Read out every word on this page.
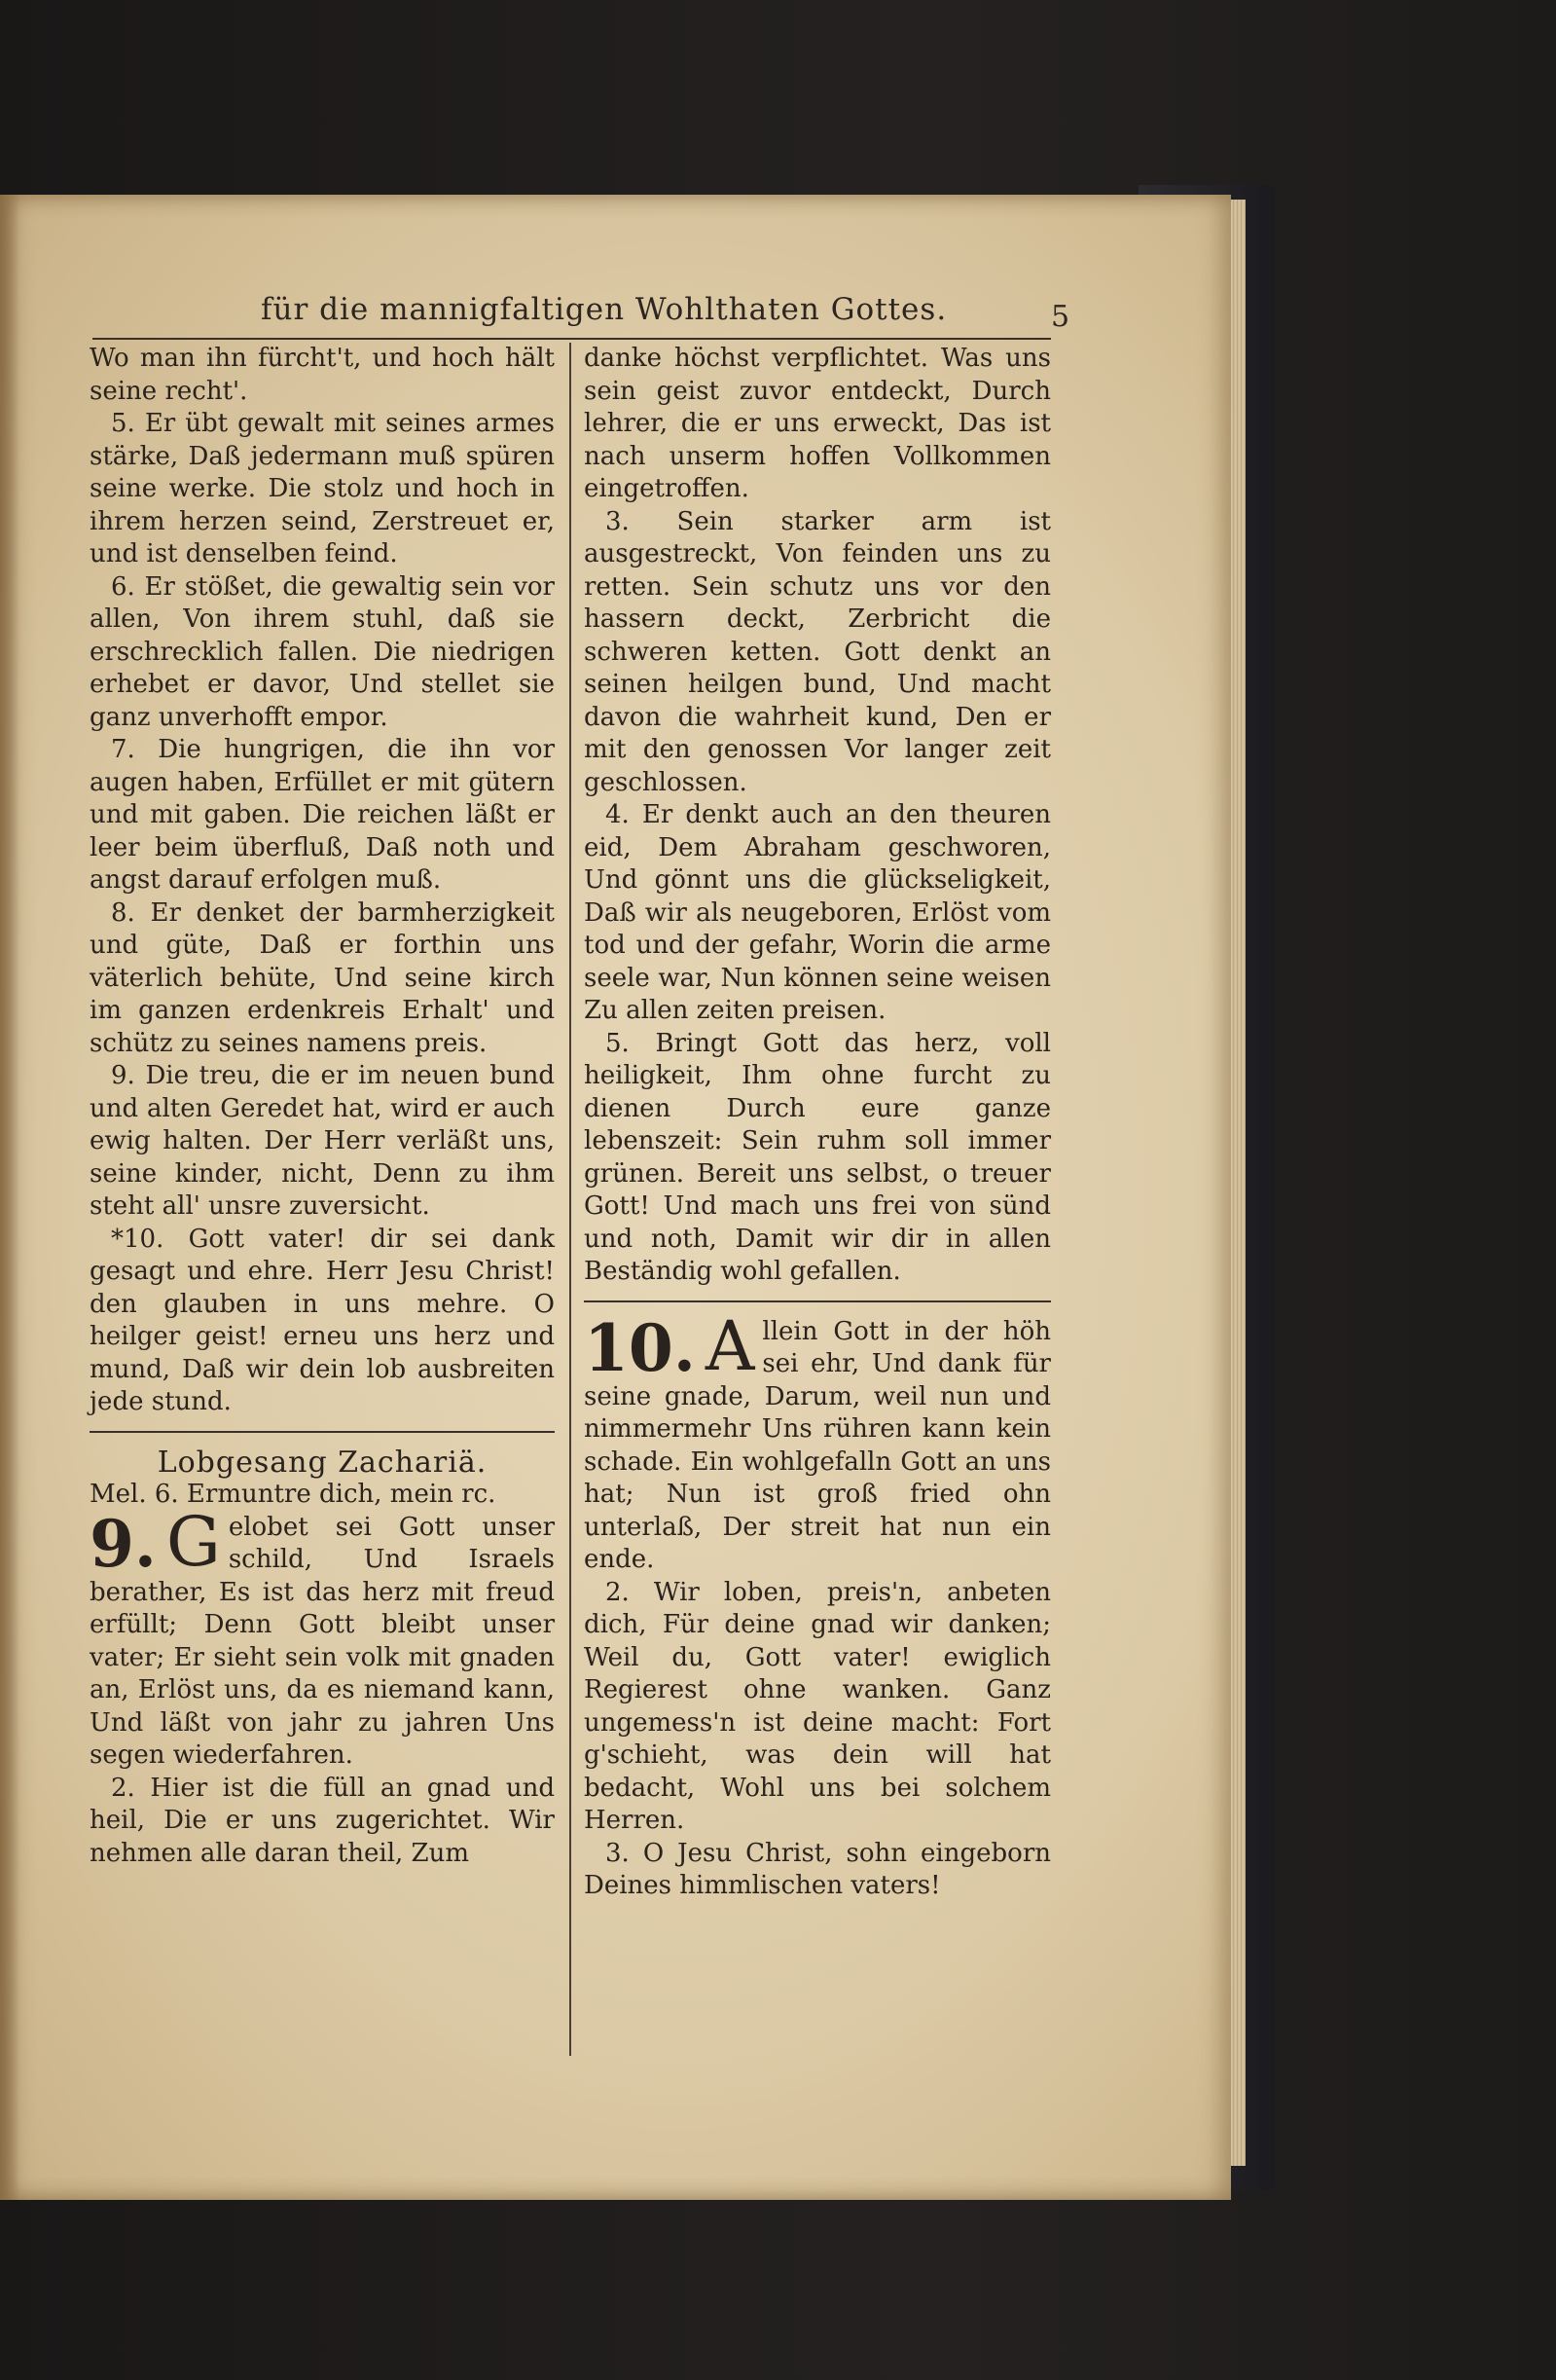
für die mannigfaltigen Wohlthaten Gottes.	5

Wo man ihn fürcht't, und hoch hält seine recht'.

5. Er übt gewalt mit seines armes stärke, Daß jedermann muß spüren seine werke. Die stolz und hoch in ihrem herzen seind, Zerstreuet er, und ist denselben feind.

6. Er stößet, die gewaltig sein vor allen, Von ihrem stuhl, daß sie erschrecklich fallen. Die niedrigen erhebet er davor, Und stellet sie ganz unverhofft empor.

7. Die hungrigen, die ihn vor augen haben, Erfüllet er mit gütern und mit gaben. Die reichen läßt er leer beim überfluß, Daß noth und angst darauf erfolgen muß.

8. Er denket der barmherzigkeit und güte, Daß er forthin uns väterlich behüte, Und seine kirch im ganzen erdenkreis Erhalt' und schütz zu seines namens preis.

9. Die treu, die er im neuen bund und alten Geredet hat, wird er auch ewig halten. Der Herr verläßt uns, seine kinder, nicht, Denn zu ihm steht all' unsre zuversicht.

*10. Gott vater! dir sei dank gesagt und ehre. Herr Jesu Christ! den glauben in uns mehre. O heilger geist! erneu uns herz und mund, Daß wir dein lob ausbreiten jede stund.

Lobgesang Zachariä.

Mel. 6. Ermuntre dich, mein rc.

9. G elobet sei Gott unser schild, Und Israels berather, Es ist das herz mit freud erfüllt; Denn Gott bleibt unser vater; Er sieht sein volk mit gnaden an, Erlöst uns, da es niemand kann, Und läßt von jahr zu jahren Uns segen wiederfahren.

2. Hier ist die füll an gnad und heil, Die er uns zugerichtet. Wir nehmen alle daran theil, Zum

danke höchst verpflichtet. Was uns sein geist zuvor entdeckt, Durch lehrer, die er uns erweckt, Das ist nach unserm hoffen Vollkommen eingetroffen.

3. Sein starker arm ist ausgestreckt, Von feinden uns zu retten. Sein schutz uns vor den hassern deckt, Zerbricht die schweren ketten. Gott denkt an seinen heilgen bund, Und macht davon die wahrheit kund, Den er mit den genossen Vor langer zeit geschlossen.

4. Er denkt auch an den theuren eid, Dem Abraham geschworen, Und gönnt uns die glückseligkeit, Daß wir als neugeboren, Erlöst vom tod und der gefahr, Worin die arme seele war, Nun können seine weisen Zu allen zeiten preisen.

5. Bringt Gott das herz, voll heiligkeit, Ihm ohne furcht zu dienen Durch eure ganze lebenszeit: Sein ruhm soll immer grünen. Bereit uns selbst, o treuer Gott! Und mach uns frei von sünd und noth, Damit wir dir in allen Beständig wohl gefallen.

10. A llein Gott in der höh sei ehr, Und dank für seine gnade, Darum, weil nun und nimmermehr Uns rühren kann kein schade. Ein wohlgefalln Gott an uns hat; Nun ist groß fried ohn unterlaß, Der streit hat nun ein ende.

2. Wir loben, preis'n, anbeten dich, Für deine gnad wir danken; Weil du, Gott vater! ewiglich Regierest ohne wanken. Ganz ungemess'n ist deine macht: Fort g'schieht, was dein will hat bedacht, Wohl uns bei solchem Herren.

3. O Jesu Christ, sohn eingeborn Deines himmlischen vaters!
